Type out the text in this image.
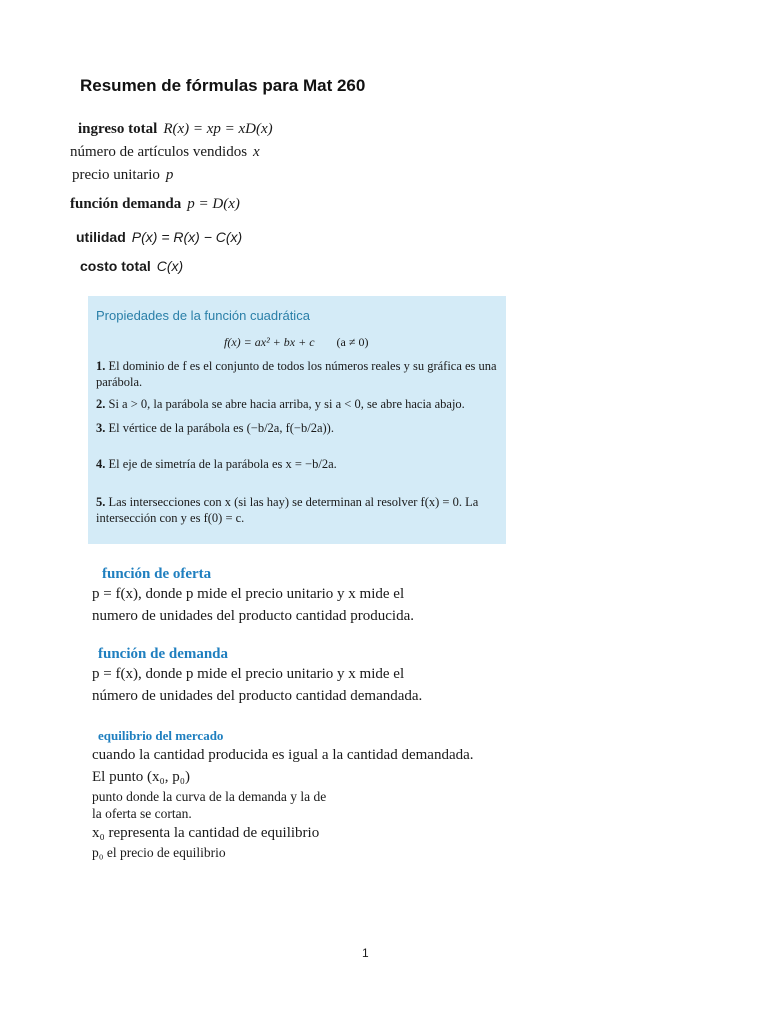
Resumen de fórmulas para Mat 260
ingreso total R(x) = xp = xD(x)
número de artículos vendidos x
precio unitario p
función demanda p = D(x)
utilidad P(x) = R(x) − C(x)
costo total C(x)
Propiedades de la función cuadrática
f(x) = ax² + bx + c (a ≠ 0)
1. El dominio de f es el conjunto de todos los números reales y su gráfica es una parábola.
2. Si a > 0, la parábola se abre hacia arriba, y si a < 0, se abre hacia abajo.
3. El vértice de la parábola es (−b/2a, f(−b/2a)).
4. El eje de simetría de la parábola es x = −b/2a.
5. Las intersecciones con x (si las hay) se determinan al resolver f(x) = 0. La intersección con y es f(0) = c.
función de oferta

p = f(x), donde p mide el precio unitario y x mide el

numero de unidades del producto cantidad producida.

función de demanda

p = f(x), donde p mide el precio unitario y x mide el

número de unidades del producto cantidad demandada.

equilibrio del mercado

cuando la cantidad producida es igual a la cantidad demandada.

El punto (x₀, p₀)

punto donde la curva de la demanda y la de

la oferta se cortan.

x₀ representa la cantidad de equilibrio

p₀ el precio de equilibrio

1
